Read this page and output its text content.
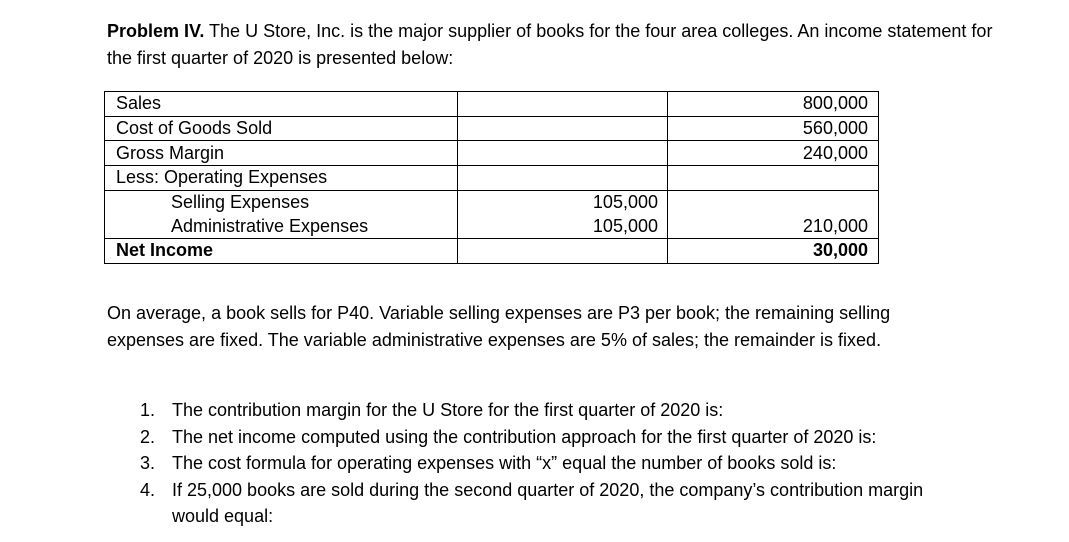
Problem IV. The U Store, Inc. is the major supplier of books for the four area colleges. An income statement for the first quarter of 2020 is presented below:

Sales		800,000
Cost of Goods Sold		560,000
Gross Margin		240,000
Less: Operating Expenses		
Selling Expenses	105,000	
Administrative Expenses	105,000	210,000
Net Income		30,000

On average, a book sells for P40. Variable selling expenses are P3 per book; the remaining selling expenses are fixed. The variable administrative expenses are 5% of sales; the remainder is fixed.

1. The contribution margin for the U Store for the first quarter of 2020 is:
2. The net income computed using the contribution approach for the first quarter of 2020 is:
3. The cost formula for operating expenses with “x” equal the number of books sold is:
4. If 25,000 books are sold during the second quarter of 2020, the company’s contribution margin would equal:
